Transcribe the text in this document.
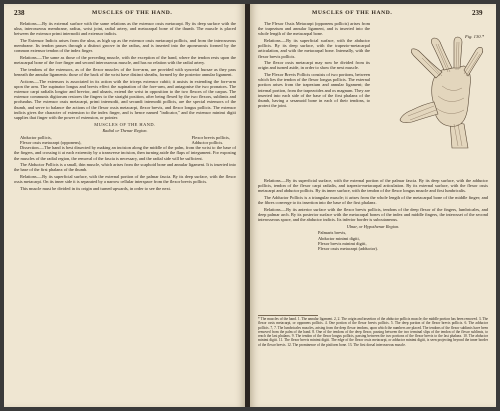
238	MUSCLES OF THE HAND.

Relations.—By its external surface with the same relations as the extensor ossis metacarpi. By its deep surface with the ulna, interosseous membrane, radius, wrist joint, radial artery, and metacarpal bone of the thumb. The muscle is placed between the extensor primi internodii and extensor indicis.

The Extensor Indicis arises from the ulna, as high up as the extensor ossis metacarpi pollicis, and from the interosseous membrane. Its tendon passes through a distinct groove in the radius, and is inserted into the aponeurosis formed by the common extensor tendon of the index finger.

Relations.—The same as those of the preceding muscle, with the exception of the hand, where the tendon rests upon the metacarpal bone of the fore finger and second interosseous muscle, and has no relation with the radial artery.

The tendons of the extensors, as of the flexor muscles of the fore-arm, are provided with synovial bursae as they pass beneath the annular ligaments: those of the back of the wrist have distinct sheaths, formed by the posterior annular ligament.

Actions.—The extensors is associated in its action with the triceps extensor cubiti; it assists in extending the fore-arm upon the arm. The supinator longus and brevis effect the supination of the fore-arm, and antagonise the two pronators. The extensor carpi radialis longior and brevior, and ulnaris, extend the wrist in opposition to the two flexors of the carpus. The extensor communis digitorum restores the fingers to the straight position, after being flexed by the two flexors, sublimis and profundus. The extensor ossis metacarpi, primi internodii, and secundi internodii pollicis, are the special extensors of the thumb, and serve to balance the actions of the flexor ossis metacarpi, flexor brevis, and flexor longus pollicis. The extensor indicis gives the character of extension to the index finger, and is hence named "indicator," and the extensor minimi digiti supplies that finger with the power of extension, or pointer.

MUSCLES OF THE HAND.

Radial or Thenar Region.

Abductor pollicis,
Flexor ossis metacarpi (opponens),
Flexor brevis pollicis,
Adductor pollicis.

Dissection.—The hand is best dissected by making an incision along the middle of the palm, from the wrist to the base of the fingers, and crossing it at each extremity by a transverse incision, then turning aside the flaps of integument. For exposing the muscles of the radial region, the removal of the fascia is necessary, and the radial side will be sufficient.

The Abductor Pollicis is a small, thin muscle, which arises from the scaphoid bone and annular ligament. It is inserted into the base of the first phalanx of the thumb.

Relations.—By its superficial surface, with the external portion of the palmar fascia. By its deep surface, with the flexor ossis metacarpi. On its inner side it is separated by a narrow cellular interspace from the flexor brevis pollicis.

This muscle must be divided in its origin and turned upwards, in order to see the next.

MUSCLES OF THE HAND.	239

The Flexor Ossis Metacarpi (opponens pollicis) arises from the trapezium and annular ligament, and is inserted into the whole length of the metacarpal bone.

Relations.—By its superficial surface, with the abductor pollicis. By its deep surface, with the trapezio-metacarpal articulation, and with the metacarpal bone. Internally, with the flexor brevis pollicis.

The flexor ossis metacarpi may now be divided from its origin and turned aside, in order to show the next muscle.

The Flexor Brevis Pollicis consists of two portions, between which lies the tendon of the flexor longus pollicis. The external portion arises from the trapezium and annular ligament; the internal portion, from the trapezoides and os magnum. They are inserted into each side of the base of the first phalanx of the thumb, having a sesamoid bone in each of their tendons, to protect the joint.

Relations.—By its superficial surface, with the external portion of the palmar fascia. By its deep surface, with the adductor pollicis, tendon of the flexor carpi radialis, and trapezio-metacarpal articulation. By its external surface, with the flexor ossis metacarpi and abductor pollicis. By its inner surface, with the tendon of the flexor longus muscle and first lumbricalis.

The Adductor Pollicis is a triangular muscle; it arises from the whole length of the metacarpal bone of the middle finger; and the fibres converge to its insertion into the base of the first phalanx.

Relations.—By its anterior surface with the flexor brevis pollicis, tendons of the deep flexor of the fingers, lumbricales, and deep palmar arch. By its posterior surface with the metacarpal bones of the index and middle fingers, the interossei of the second interosseous space, and the abductor indicis. Its inferior border is subcutaneous.

Ulnar, or Hypothenar Region.

Palmaris brevis,
Abductor minimi digiti,
Flexor brevis minimi digiti,
Flexor ossis metacarpi (adductor).
* The muscles of the hand. 1. The annular ligament. 2, 2. The origin and insertion of the abductor pollicis muscle; the middle portion has been removed. 3. The flexor ossis metacarpi, or opponens pollicis. 4. One portion of the flexor brevis pollicis. 5. The deep portion of the flexor brevis pollicis. 6. The adductor pollicis. 7, 7. The lumbricales muscles, arising from the deep flexor tendons, upon which the numbers are placed. The tendons of the flexor sublimis have been removed from the palm of the hand. 8. One of the tendons of the deep flexor, passing between the two terminal slips of the tendon of the flexor sublimis, to reach the last phalanx. 9. The tendon of the flexor longus pollicis, passing between the two portions of the flexor brevis to the last phalanx. 10. The abductor minimi digiti. 11. The flexor brevis minimi digiti. The edge of the flexor ossis metacarpi, or adductor minimi digiti, is seen projecting beyond the inner border of the flexor brevis. 12. The prominence of the pisiform bone. 13. The first dorsal interosseous muscle.
Fig. 130.*
